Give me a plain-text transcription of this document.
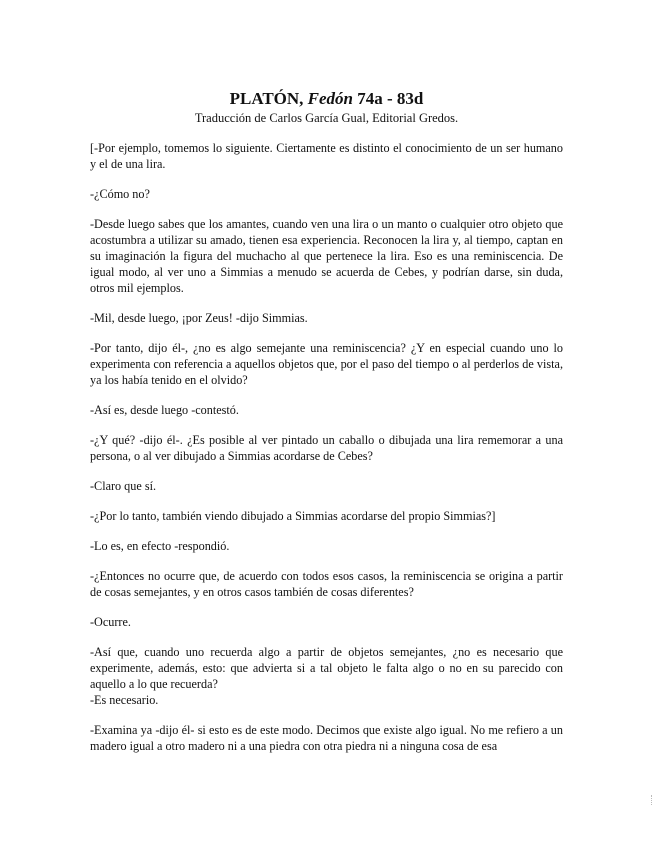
PLATÓN, Fedón 74a - 83d

Traducción de Carlos García Gual, Editorial Gredos.

[-Por ejemplo, tomemos lo siguiente. Ciertamente es distinto el conocimiento de un ser humano y el de una lira.

-¿Cómo no?

-Desde luego sabes que los amantes, cuando ven una lira o un manto o cualquier otro objeto que acostumbra a utilizar su amado, tienen esa experiencia. Reconocen la lira y, al tiempo, captan en su imaginación la figura del muchacho al que pertenece la lira. Eso es una reminiscencia. De igual modo, al ver uno a Simmias a menudo se acuerda de Cebes, y podrían darse, sin duda, otros mil ejemplos.

-Mil, desde luego, ¡por Zeus! -dijo Simmias.

-Por tanto, dijo él-, ¿no es algo semejante una reminiscencia? ¿Y en especial cuando uno lo experimenta con referencia a aquellos objetos que, por el paso del tiempo o al perderlos de vista, ya los había tenido en el olvido?

-Así es, desde luego -contestó.

-¿Y qué? -dijo él-. ¿Es posible al ver pintado un caballo o dibujada una lira rememorar a una persona, o al ver dibujado a Simmias acordarse de Cebes?

-Claro que sí.

-¿Por lo tanto, también viendo dibujado a Simmias acordarse del propio Simmias?]

-Lo es, en efecto -respondió.

-¿Entonces no ocurre que, de acuerdo con todos esos casos, la reminiscencia se origina a partir de cosas semejantes, y en otros casos también de cosas diferentes?

-Ocurre.

-Así que, cuando uno recuerda algo a partir de objetos semejantes, ¿no es necesario que experimente, además, esto: que advierta si a tal objeto le falta algo o no en su parecido con aquello a lo que recuerda?

-Es necesario.

-Examina ya -dijo él- si esto es de este modo. Decimos que existe algo igual. No me refiero a un madero igual a otro madero ni a una piedra con otra piedra ni a ninguna cosa de esa
